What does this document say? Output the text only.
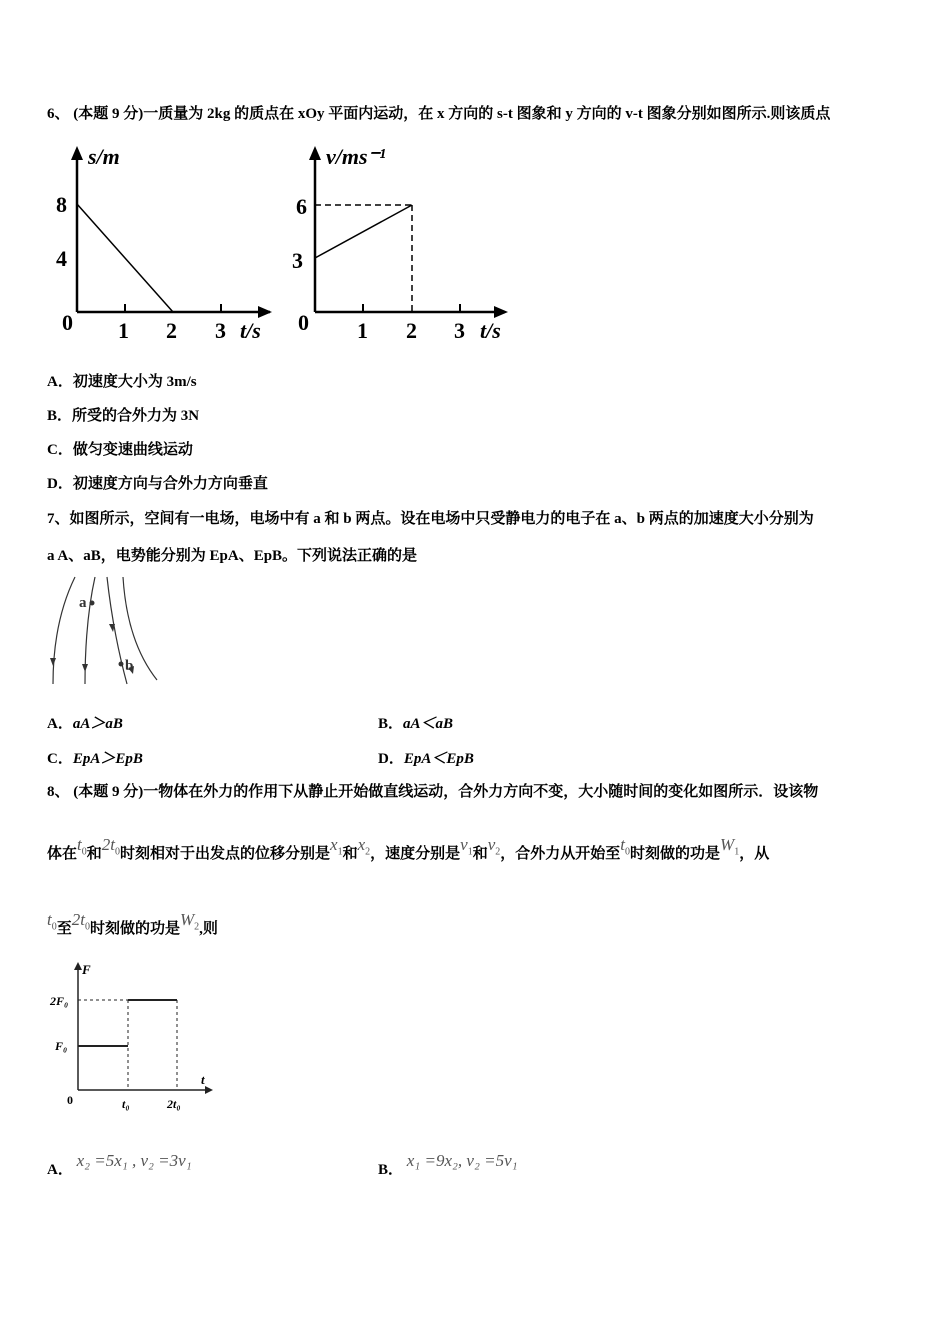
6、 (本题 9 分)一质量为 2kg 的质点在 xOy 平面内运动，在 x 方向的 s-t 图象和 y 方向的 v-t 图象分别如图所示.则该质点
s/m
t/s
8
4
0 1 2 3
v/ms⁻¹
t/s
6
3
0 1 2 3
A．初速度大小为 3m/s
B．所受的合外力为 3N
C．做匀变速曲线运动
D．初速度方向与合外力方向垂直
7、如图所示，空间有一电场，电场中有 a 和 b 两点。设在电场中只受静电力的电子在 a、b 两点的加速度大小分别为
a A、aB，电势能分别为 EpA、EpB。下列说法正确的是
a
b
A．aA＞aB	B．aA＜aB
C．EpA＞EpB	D．EpA＜EpB
8、 (本题 9 分)一物体在外力的作用下从静止开始做直线运动，合外力方向不变，大小随时间的变化如图所示．设该物
体在$t_0$和$2t_0$时刻相对于出发点的位移分别是$x_1$和$x_2$，速度分别是$v_1$和$v_2$，合外力从开始至$t_0$时刻做的功是$W_1$，从
$t_0$至$2t_0$时刻做的功是$W_2$,则
F
t
2F₀
F₀
0	t₀	2t₀
A． x₂ =5x₁ , v₂ =3v₁	B． x₁ =9x₂, v₂ =5v₁
